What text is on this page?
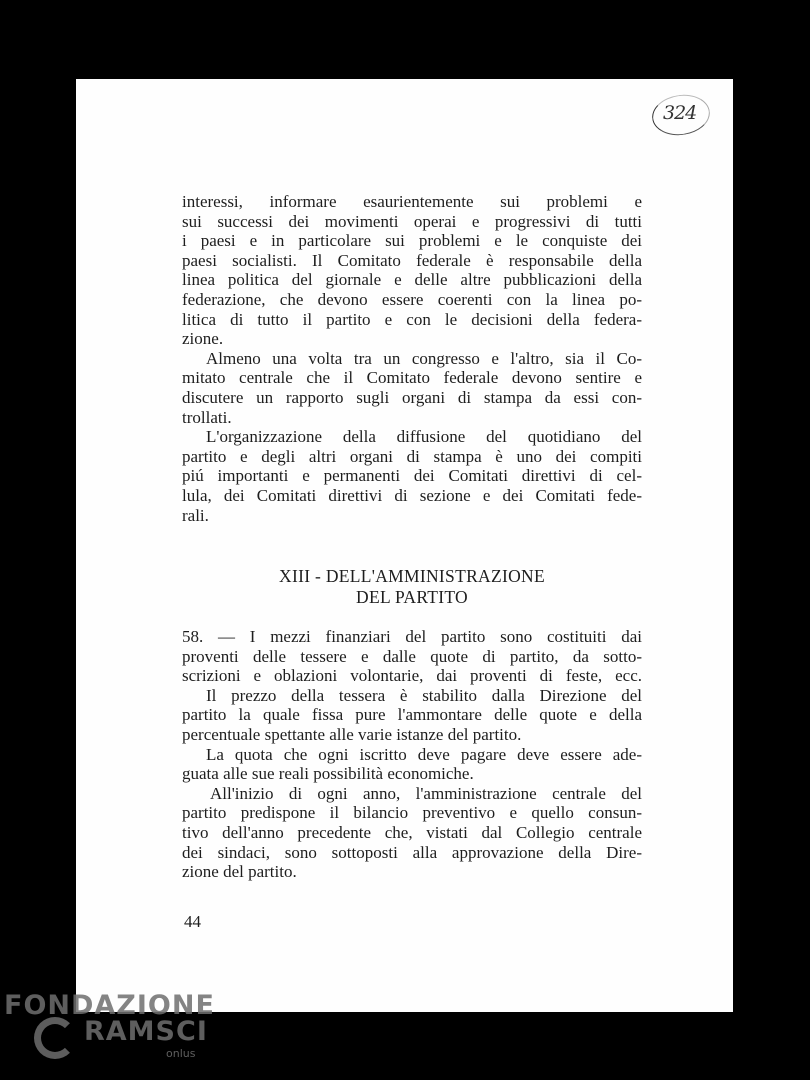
324
interessi, informare esaurientemente sui problemi e
sui successi dei movimenti operai e progressivi di tutti
i paesi e in particolare sui problemi e le conquiste dei
paesi socialisti. Il Comitato federale è responsabile della
linea politica del giornale e delle altre pubblicazioni della
federazione, che devono essere coerenti con la linea po-
litica di tutto il partito e con le decisioni della federa-
zione.
Almeno una volta tra un congresso e l'altro, sia il Co-
mitato centrale che il Comitato federale devono sentire e
discutere un rapporto sugli organi di stampa da essi con-
trollati.
L'organizzazione della diffusione del quotidiano del
partito e degli altri organi di stampa è uno dei compiti
piú importanti e permanenti dei Comitati direttivi di cel-
lula, dei Comitati direttivi di sezione e dei Comitati fede-
rali.
XIII - DELL'AMMINISTRAZIONE
DEL PARTITO
58. — I mezzi finanziari del partito sono costituiti dai
proventi delle tessere e dalle quote di partito, da sotto-
scrizioni e oblazioni volontarie, dai proventi di feste, ecc.
Il prezzo della tessera è stabilito dalla Direzione del
partito la quale fissa pure l'ammontare delle quote e della
percentuale spettante alle varie istanze del partito.
La quota che ogni iscritto deve pagare deve essere ade-
guata alle sue reali possibilità economiche.
All'inizio di ogni anno, l'amministrazione centrale del
partito predispone il bilancio preventivo e quello consun-
tivo dell'anno precedente che, vistati dal Collegio centrale
dei sindaci, sono sottoposti alla approvazione della Dire-
zione del partito.
44
FONDAZIONE
RAMSCI
onlus
